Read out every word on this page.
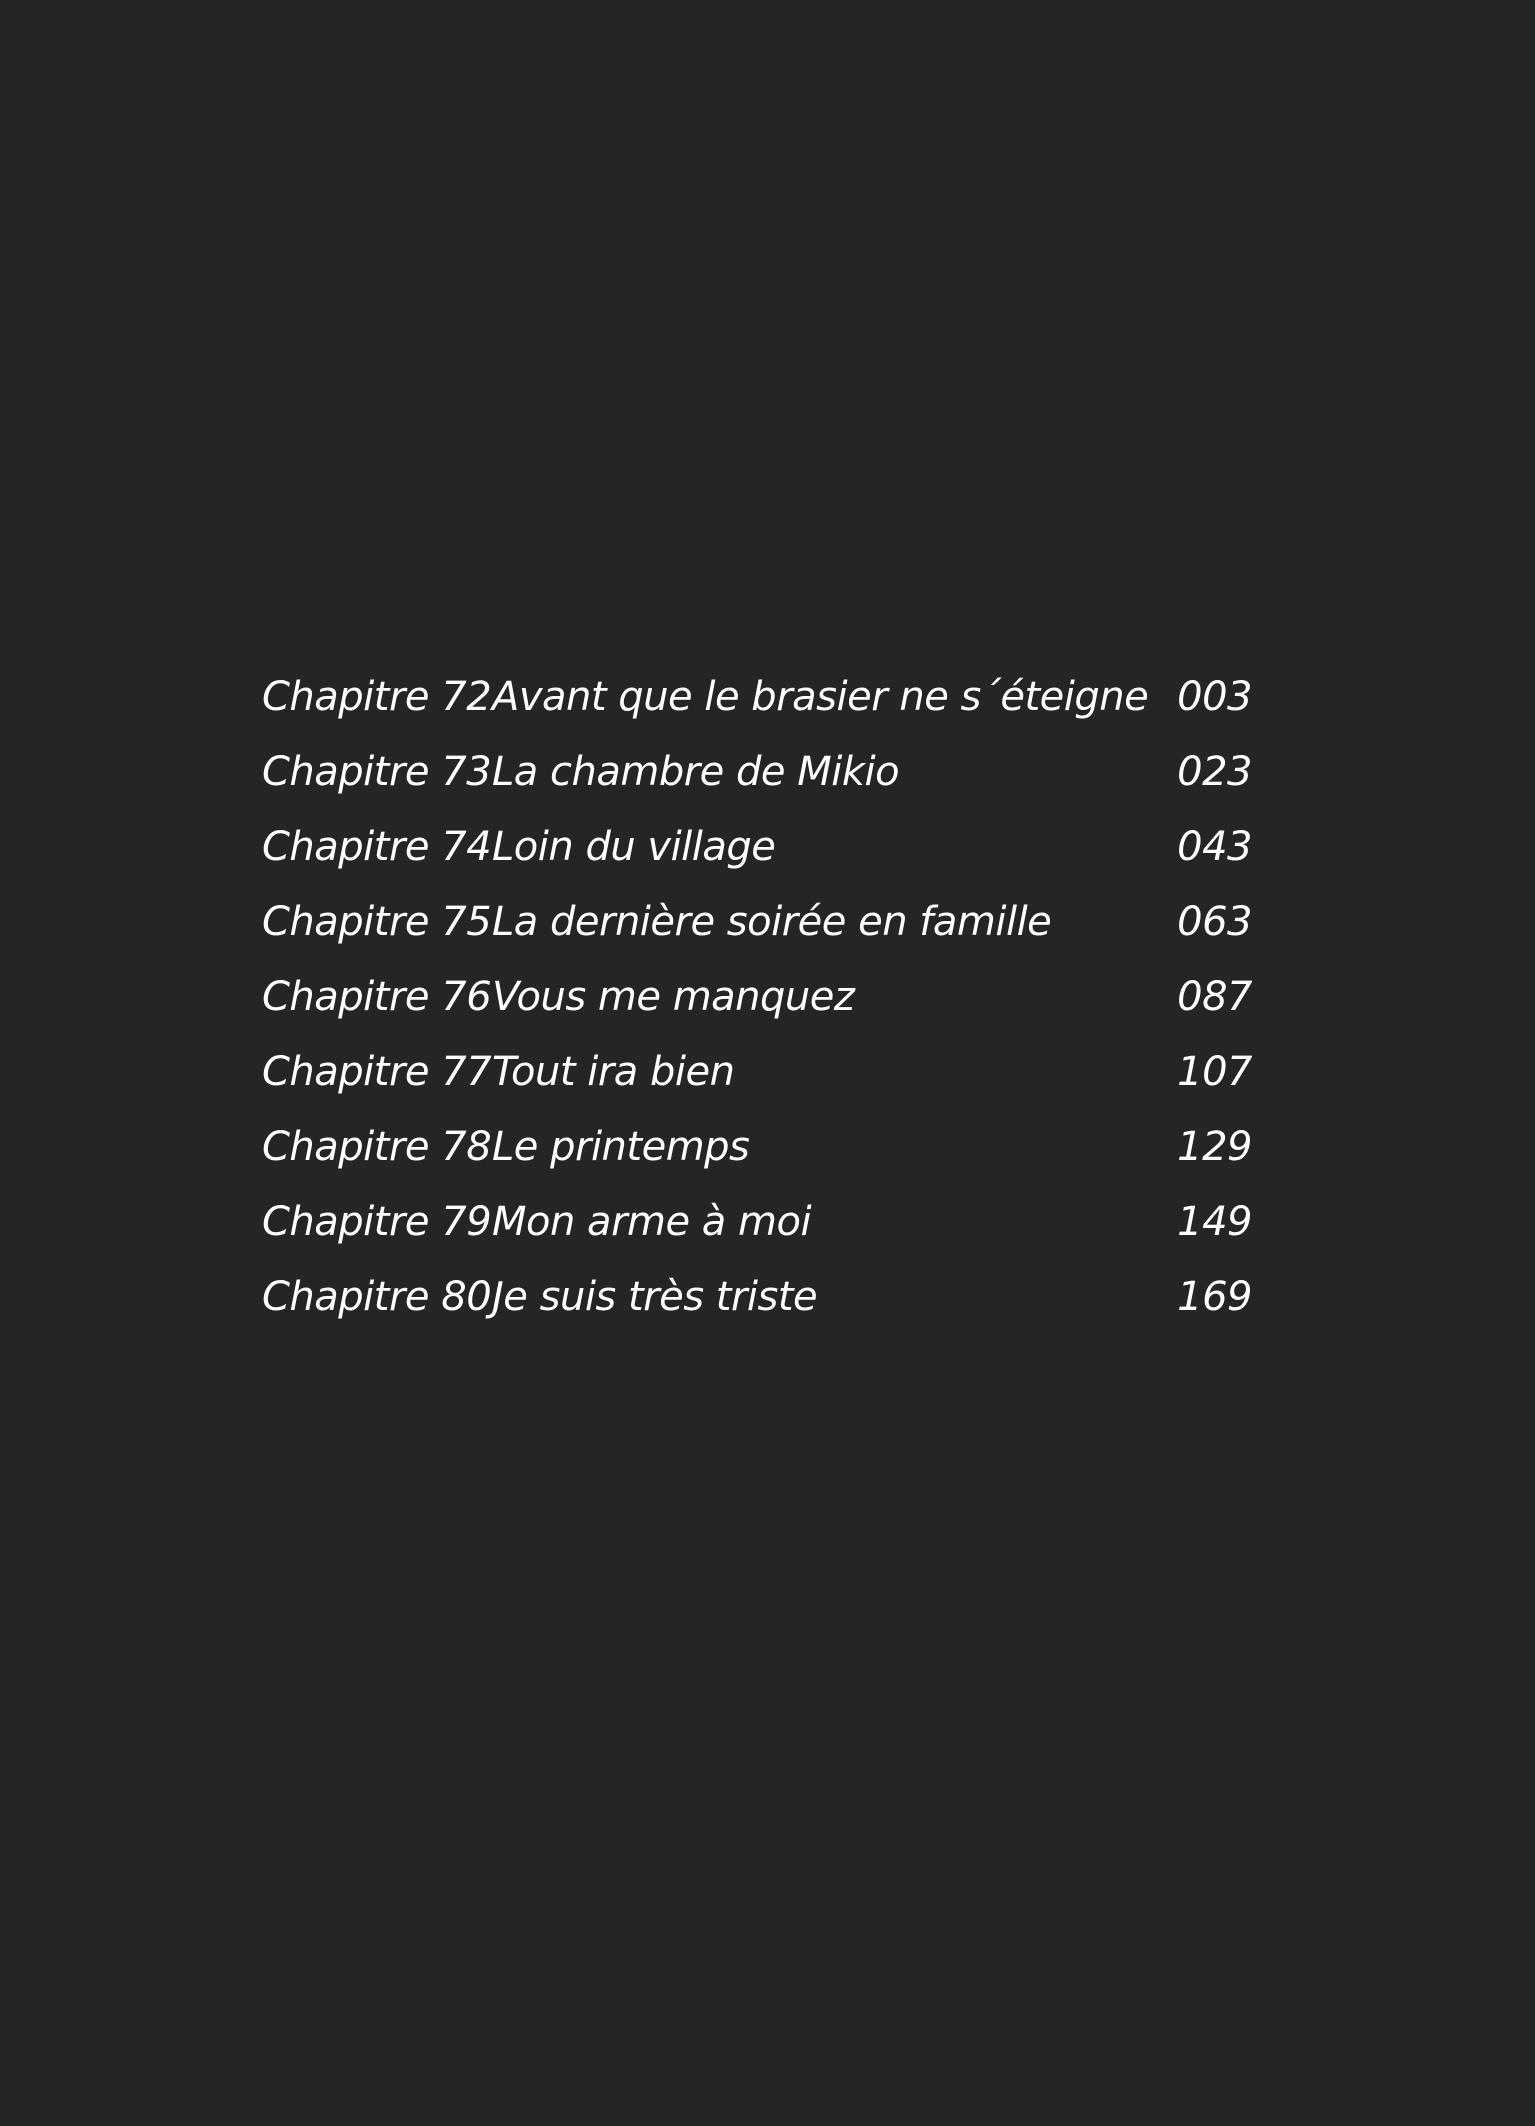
Chapitre 72 Avant que le brasier ne s´éteigne 003
Chapitre 73 La chambre de Mikio	023
Chapitre 74 Loin du village	043
Chapitre 75 La dernière soirée en famille	063
Chapitre 76 Vous me manquez	087
Chapitre 77 Tout ira bien	107
Chapitre 78 Le printemps	129
Chapitre 79 Mon arme à moi	149
Chapitre 80 Je suis très triste	169
